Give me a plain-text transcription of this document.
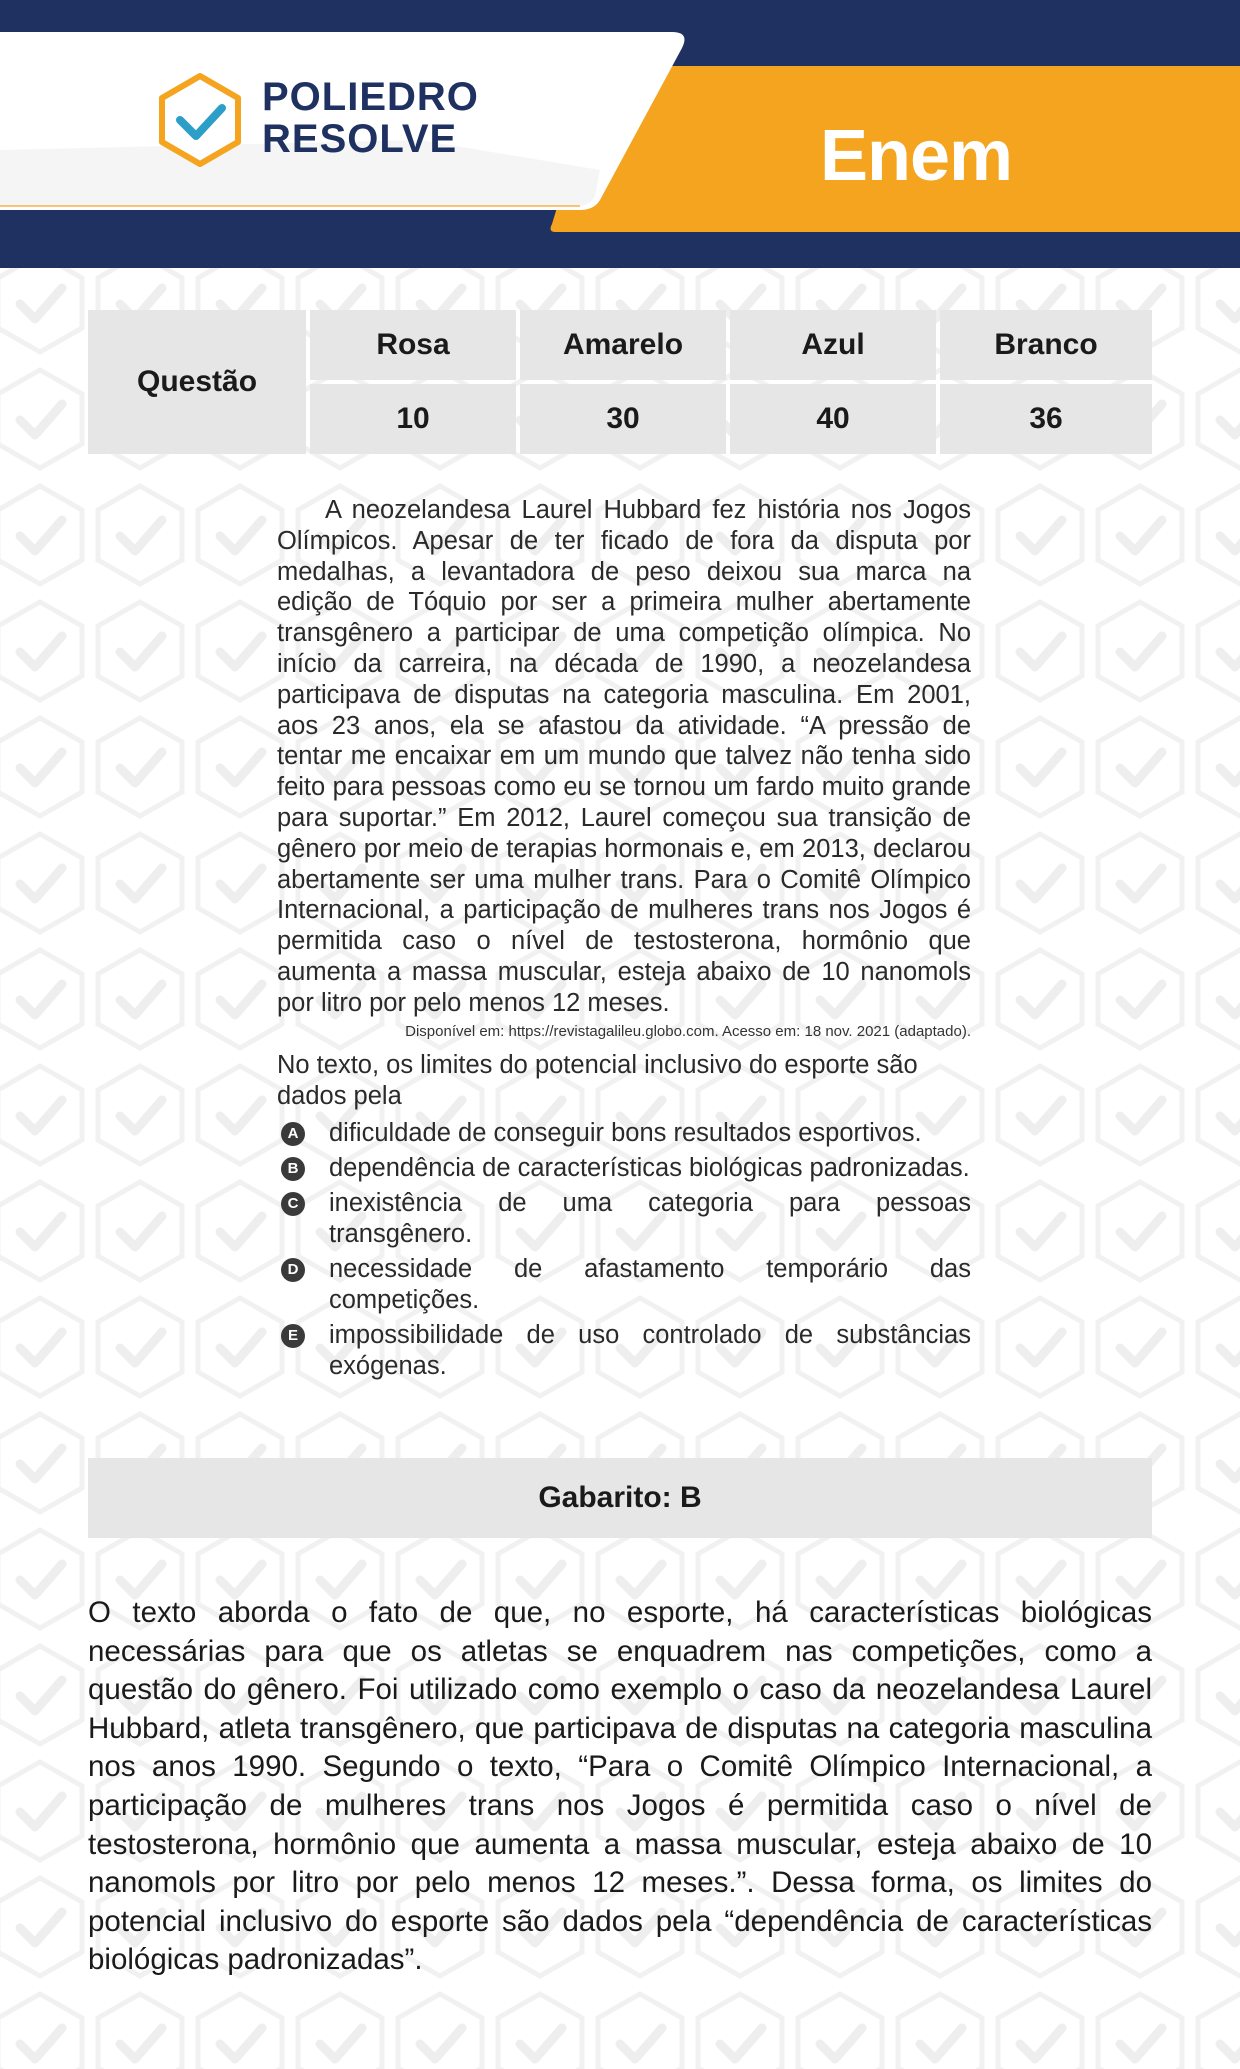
POLIEDRO
RESOLVE	Enem
Questão
Rosa	Amarelo	Azul	Branco
10	30	40	36

A neozelandesa Laurel Hubbard fez história nos Jogos Olímpicos. Apesar de ter ficado de fora da disputa por medalhas, a levantadora de peso deixou sua marca na edição de Tóquio por ser a primeira mulher abertamente transgênero a participar de uma competição olímpica. No início da carreira, na década de 1990, a neozelandesa participava de disputas na categoria masculina. Em 2001, aos 23 anos, ela se afastou da atividade. “A pressão de tentar me encaixar em um mundo que talvez não tenha sido feito para pessoas como eu se tornou um fardo muito grande para suportar.” Em 2012, Laurel começou sua transição de gênero por meio de terapias hormonais e, em 2013, declarou abertamente ser uma mulher trans. Para o Comitê Olímpico Internacional, a participação de mulheres trans nos Jogos é permitida caso o nível de testosterona, hormônio que aumenta a massa muscular, esteja abaixo de 10 nanomols por litro por pelo menos 12 meses.

Disponível em: https://revistagalileu.globo.com. Acesso em: 18 nov. 2021 (adaptado).
No texto, os limites do potencial inclusivo do esporte são dados pela
A dificuldade de conseguir bons resultados esportivos.
B dependência de características biológicas padronizadas.
C inexistência de uma categoria para pessoas transgênero.
D necessidade de afastamento temporário das competições.
E impossibilidade de uso controlado de substâncias exógenas.
Gabarito: B
O texto aborda o fato de que, no esporte, há características biológicas necessárias para que os atletas se enquadrem nas competições, como a questão do gênero. Foi utilizado como exemplo o caso da neozelandesa Laurel Hubbard, atleta transgênero, que participava de disputas na categoria masculina nos anos 1990. Segundo o texto, “Para o Comitê Olímpico Internacional, a participação de mulheres trans nos Jogos é permitida caso o nível de testosterona, hormônio que aumenta a massa muscular, esteja abaixo de 10 nanomols por litro por pelo menos 12 meses.”. Dessa forma, os limites do potencial inclusivo do esporte são dados pela “dependência de características biológicas padronizadas”.
